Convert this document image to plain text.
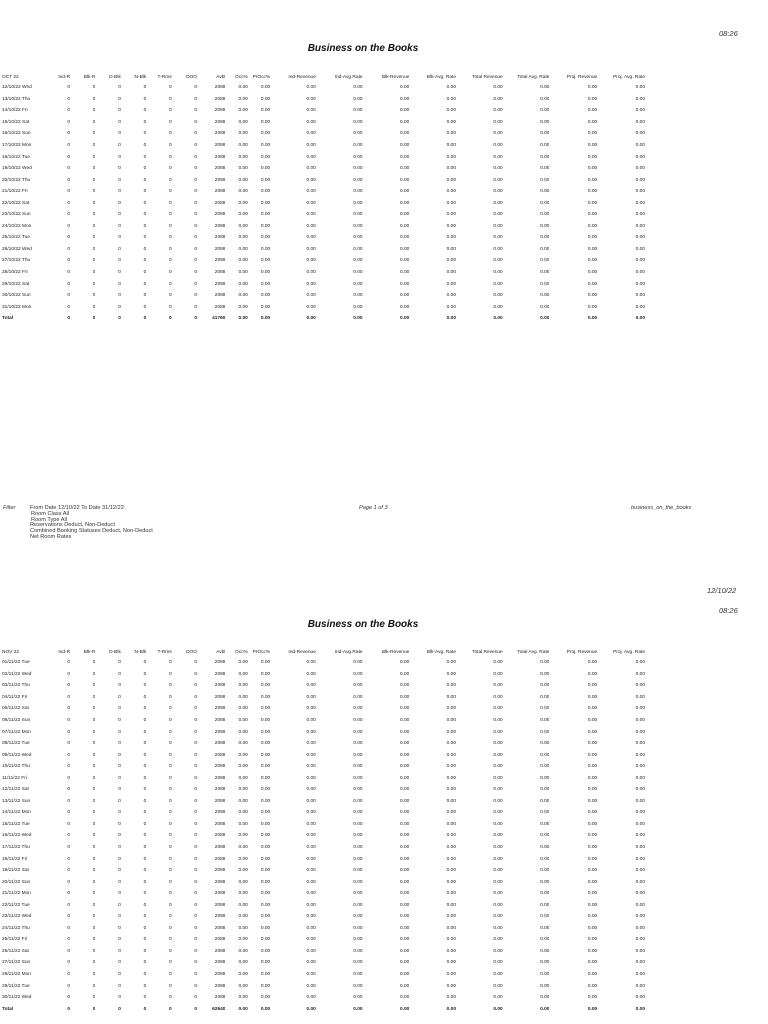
08:26
Business on the Books
OCT 22	Ind-R	Blk-R	D-Blk	N-Blk	T-Rms	OOO	Avbl	Occ%	PrOcc%	Ind-Revenue	Ind-Avg.Rate	Blk-Revenue	Blk-Avg. Rate	Total Revenue	Total Avg. Rate	Proj. Revenue	Proj. Avg. Rate
12/10/22 Wed	0	0	0	0	0	0	2088	0.00	0.00	0.00	0.00	0.00	0.00	0.00	0.00	0.00	0.00
13/10/22 Thu	0	0	0	0	0	0	2088	0.00	0.00	0.00	0.00	0.00	0.00	0.00	0.00	0.00	0.00
14/10/22 Fri	0	0	0	0	0	0	2088	0.00	0.00	0.00	0.00	0.00	0.00	0.00	0.00	0.00	0.00
15/10/22 Sat	0	0	0	0	0	0	2088	0.00	0.00	0.00	0.00	0.00	0.00	0.00	0.00	0.00	0.00
16/10/22 Sun	0	0	0	0	0	0	2088	0.00	0.00	0.00	0.00	0.00	0.00	0.00	0.00	0.00	0.00
17/10/22 Mon	0	0	0	0	0	0	2088	0.00	0.00	0.00	0.00	0.00	0.00	0.00	0.00	0.00	0.00
18/10/22 Tue	0	0	0	0	0	0	2088	0.00	0.00	0.00	0.00	0.00	0.00	0.00	0.00	0.00	0.00
19/10/22 Wed	0	0	0	0	0	0	2088	0.00	0.00	0.00	0.00	0.00	0.00	0.00	0.00	0.00	0.00
20/10/22 Thu	0	0	0	0	0	0	2088	0.00	0.00	0.00	0.00	0.00	0.00	0.00	0.00	0.00	0.00
21/10/22 Fri	0	0	0	0	0	0	2088	0.00	0.00	0.00	0.00	0.00	0.00	0.00	0.00	0.00	0.00
22/10/22 Sat	0	0	0	0	0	0	2088	0.00	0.00	0.00	0.00	0.00	0.00	0.00	0.00	0.00	0.00
23/10/22 Sun	0	0	0	0	0	0	2088	0.00	0.00	0.00	0.00	0.00	0.00	0.00	0.00	0.00	0.00
24/10/22 Mon	0	0	0	0	0	0	2088	0.00	0.00	0.00	0.00	0.00	0.00	0.00	0.00	0.00	0.00
25/10/22 Tue	0	0	0	0	0	0	2088	0.00	0.00	0.00	0.00	0.00	0.00	0.00	0.00	0.00	0.00
26/10/22 Wed	0	0	0	0	0	0	2088	0.00	0.00	0.00	0.00	0.00	0.00	0.00	0.00	0.00	0.00
27/10/22 Thu	0	0	0	0	0	0	2088	0.00	0.00	0.00	0.00	0.00	0.00	0.00	0.00	0.00	0.00
28/10/22 Fri	0	0	0	0	0	0	2088	0.00	0.00	0.00	0.00	0.00	0.00	0.00	0.00	0.00	0.00
29/10/22 Sat	0	0	0	0	0	0	2088	0.00	0.00	0.00	0.00	0.00	0.00	0.00	0.00	0.00	0.00
30/10/22 Sun	0	0	0	0	0	0	2088	0.00	0.00	0.00	0.00	0.00	0.00	0.00	0.00	0.00	0.00
31/10/22 Mon	0	0	0	0	0	0	2088	0.00	0.00	0.00	0.00	0.00	0.00	0.00	0.00	0.00	0.00
Total	0	0	0	0	0	0	41760	0.00	0.00	0.00	0.00	0.00	0.00	0.00	0.00	0.00	0.00
Filter	From Date 12/10/22 To Date 31/12/22
Room Class All
Room Type All
Reservations Deduct, Non-Deduct
Combined Booking Statuses Deduct, Non-Deduct
Net Room Rates
Page 1 of 3	business_on_the_books
12/10/22
08:26
Business on the Books
NOV 22	Ind-R	Blk-R	D-Blk	N-Blk	T-Rms	OOO	Avbl	Occ%	PrOcc%	Ind-Revenue	Ind-Avg.Rate	Blk-Revenue	Blk-Avg. Rate	Total Revenue	Total Avg. Rate	Proj. Revenue	Proj. Avg. Rate
01/11/22 Tue	0	0	0	0	0	0	2088	0.00	0.00	0.00	0.00	0.00	0.00	0.00	0.00	0.00	0.00
02/11/22 Wed	0	0	0	0	0	0	2088	0.00	0.00	0.00	0.00	0.00	0.00	0.00	0.00	0.00	0.00
03/11/22 Thu	0	0	0	0	0	0	2088	0.00	0.00	0.00	0.00	0.00	0.00	0.00	0.00	0.00	0.00
04/11/22 Fri	0	0	0	0	0	0	2088	0.00	0.00	0.00	0.00	0.00	0.00	0.00	0.00	0.00	0.00
05/11/22 Sat	0	0	0	0	0	0	2088	0.00	0.00	0.00	0.00	0.00	0.00	0.00	0.00	0.00	0.00
06/11/22 Sun	0	0	0	0	0	0	2088	0.00	0.00	0.00	0.00	0.00	0.00	0.00	0.00	0.00	0.00
07/11/22 Mon	0	0	0	0	0	0	2088	0.00	0.00	0.00	0.00	0.00	0.00	0.00	0.00	0.00	0.00
08/11/22 Tue	0	0	0	0	0	0	2088	0.00	0.00	0.00	0.00	0.00	0.00	0.00	0.00	0.00	0.00
09/11/22 Wed	0	0	0	0	0	0	2088	0.00	0.00	0.00	0.00	0.00	0.00	0.00	0.00	0.00	0.00
10/11/22 Thu	0	0	0	0	0	0	2088	0.00	0.00	0.00	0.00	0.00	0.00	0.00	0.00	0.00	0.00
11/11/22 Fri	0	0	0	0	0	0	2088	0.00	0.00	0.00	0.00	0.00	0.00	0.00	0.00	0.00	0.00
12/11/22 Sat	0	0	0	0	0	0	2088	0.00	0.00	0.00	0.00	0.00	0.00	0.00	0.00	0.00	0.00
13/11/22 Sun	0	0	0	0	0	0	2088	0.00	0.00	0.00	0.00	0.00	0.00	0.00	0.00	0.00	0.00
14/11/22 Mon	0	0	0	0	0	0	2088	0.00	0.00	0.00	0.00	0.00	0.00	0.00	0.00	0.00	0.00
15/11/22 Tue	0	0	0	0	0	0	2088	0.00	0.00	0.00	0.00	0.00	0.00	0.00	0.00	0.00	0.00
16/11/22 Wed	0	0	0	0	0	0	2088	0.00	0.00	0.00	0.00	0.00	0.00	0.00	0.00	0.00	0.00
17/11/22 Thu	0	0	0	0	0	0	2088	0.00	0.00	0.00	0.00	0.00	0.00	0.00	0.00	0.00	0.00
18/11/22 Fri	0	0	0	0	0	0	2088	0.00	0.00	0.00	0.00	0.00	0.00	0.00	0.00	0.00	0.00
19/11/22 Sat	0	0	0	0	0	0	2088	0.00	0.00	0.00	0.00	0.00	0.00	0.00	0.00	0.00	0.00
20/11/22 Sun	0	0	0	0	0	0	2088	0.00	0.00	0.00	0.00	0.00	0.00	0.00	0.00	0.00	0.00
21/11/22 Mon	0	0	0	0	0	0	2088	0.00	0.00	0.00	0.00	0.00	0.00	0.00	0.00	0.00	0.00
22/11/22 Tue	0	0	0	0	0	0	2088	0.00	0.00	0.00	0.00	0.00	0.00	0.00	0.00	0.00	0.00
23/11/22 Wed	0	0	0	0	0	0	2088	0.00	0.00	0.00	0.00	0.00	0.00	0.00	0.00	0.00	0.00
24/11/22 Thu	0	0	0	0	0	0	2088	0.00	0.00	0.00	0.00	0.00	0.00	0.00	0.00	0.00	0.00
25/11/22 Fri	0	0	0	0	0	0	2088	0.00	0.00	0.00	0.00	0.00	0.00	0.00	0.00	0.00	0.00
26/11/22 Sat	0	0	0	0	0	0	2088	0.00	0.00	0.00	0.00	0.00	0.00	0.00	0.00	0.00	0.00
27/11/22 Sun	0	0	0	0	0	0	2088	0.00	0.00	0.00	0.00	0.00	0.00	0.00	0.00	0.00	0.00
28/11/22 Mon	0	0	0	0	0	0	2088	0.00	0.00	0.00	0.00	0.00	0.00	0.00	0.00	0.00	0.00
29/11/22 Tue	0	0	0	0	0	0	2088	0.00	0.00	0.00	0.00	0.00	0.00	0.00	0.00	0.00	0.00
30/11/22 Wed	0	0	0	0	0	0	2088	0.00	0.00	0.00	0.00	0.00	0.00	0.00	0.00	0.00	0.00
Total	0	0	0	0	0	0	62640	0.00	0.00	0.00	0.00	0.00	0.00	0.00	0.00	0.00	0.00
